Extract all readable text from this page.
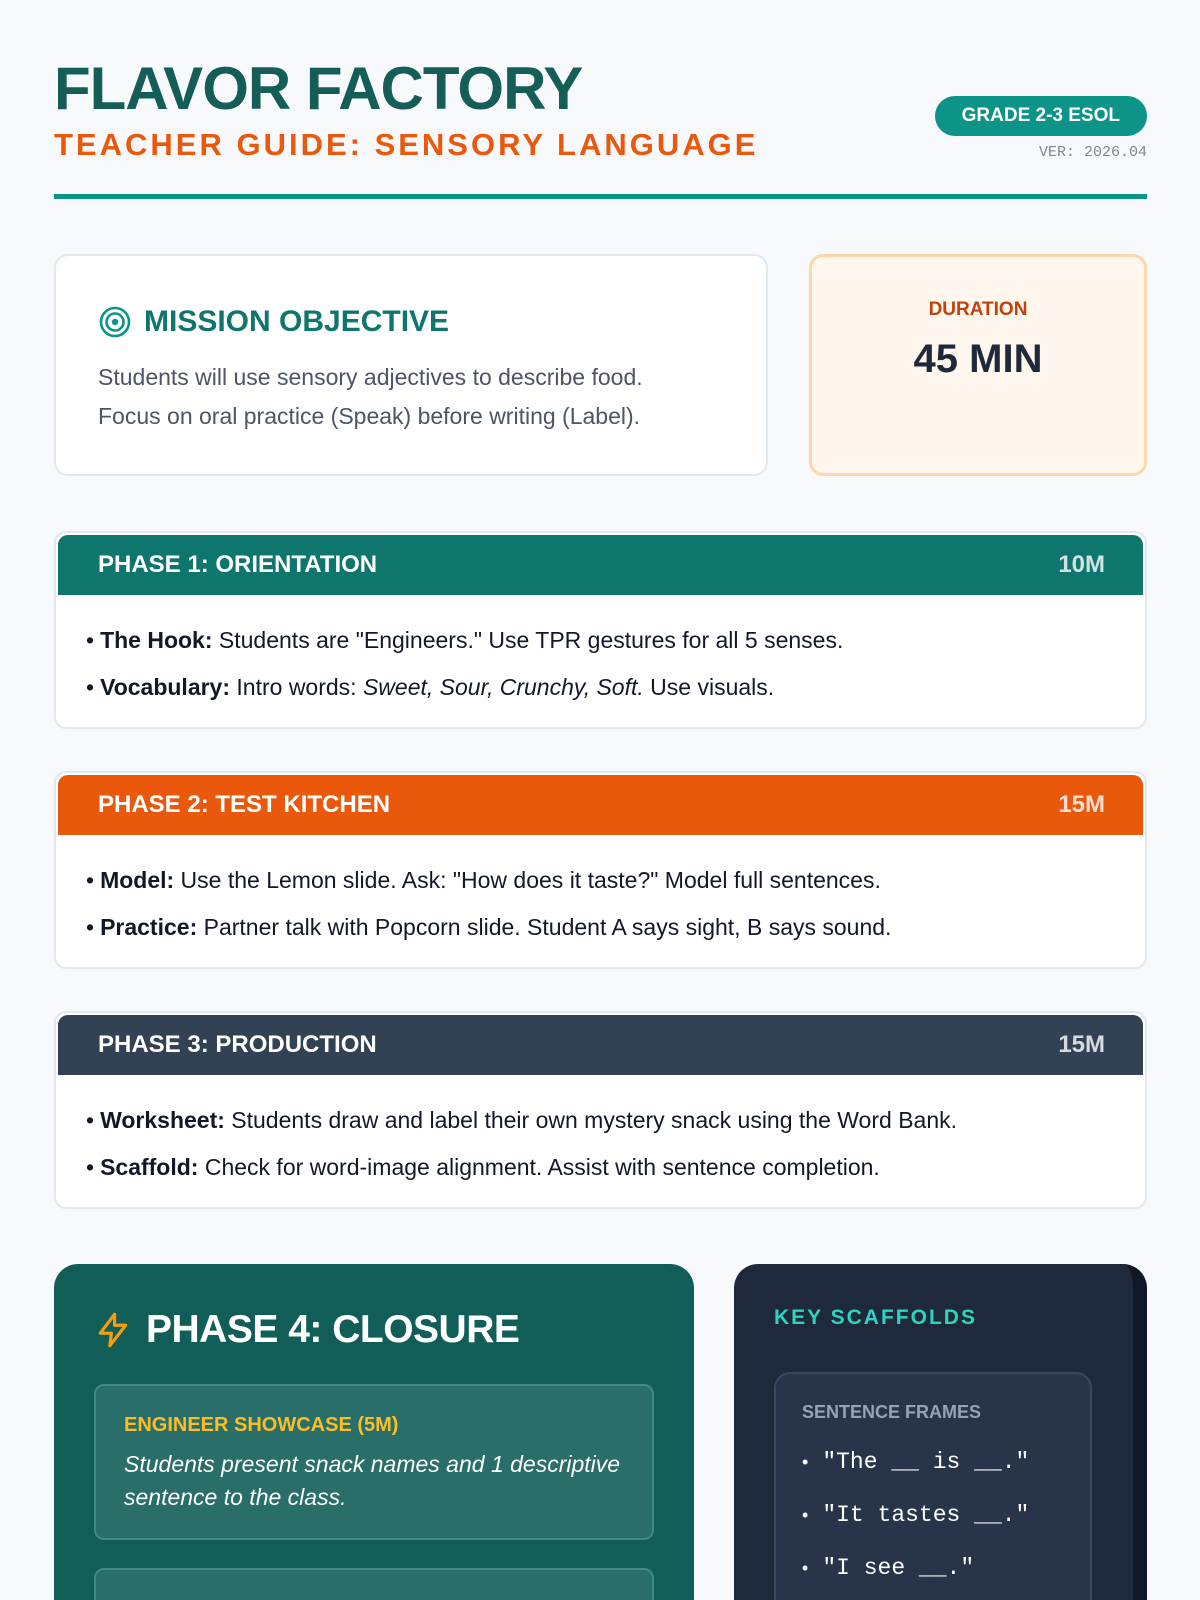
FLAVOR FACTORY
TEACHER GUIDE: SENSORY LANGUAGE
GRADE 2-3 ESOL
VER: 2026.04
MISSION OBJECTIVE
Students will use sensory adjectives to describe food.
Focus on oral practice (Speak) before writing (Label).
DURATION
45 MIN
PHASE 1: ORIENTATION	10M
• The Hook: Students are "Engineers." Use TPR gestures for all 5 senses.
• Vocabulary: Intro words: Sweet, Sour, Crunchy, Soft. Use visuals.
PHASE 2: TEST KITCHEN	15M
• Model: Use the Lemon slide. Ask: "How does it taste?" Model full sentences.
• Practice: Partner talk with Popcorn slide. Student A says sight, B says sound.
PHASE 3: PRODUCTION	15M
• Worksheet: Students draw and label their own mystery snack using the Word Bank.
• Scaffold: Check for word-image alignment. Assist with sentence completion.
PHASE 4: CLOSURE
ENGINEER SHOWCASE (5M)
Students present snack names and 1 descriptive sentence to the class.
KEY SCAFFOLDS
SENTENCE FRAMES
• "The __ is __."
• "It tastes __."
• "I see __."
